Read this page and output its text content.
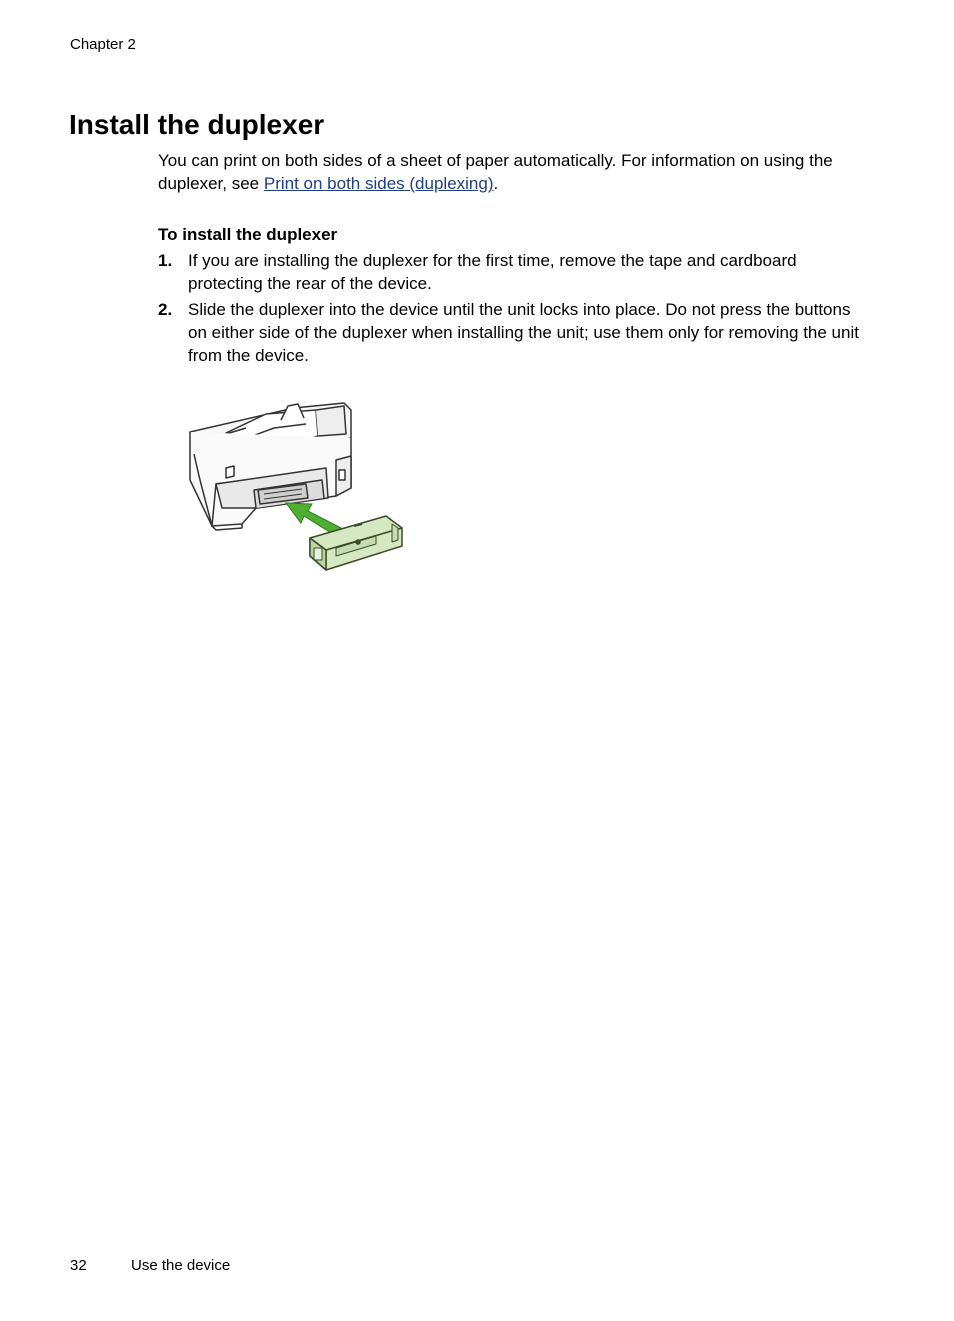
Chapter 2
Install the duplexer

You can print on both sides of a sheet of paper automatically. For information on using the duplexer, see Print on both sides (duplexing).

To install the duplexer

1. If you are installing the duplexer for the first time, remove the tape and cardboard protecting the rear of the device.
2. Slide the duplexer into the device until the unit locks into place. Do not press the buttons on either side of the duplexer when installing the unit; use them only for removing the unit from the device.
32	Use the device
